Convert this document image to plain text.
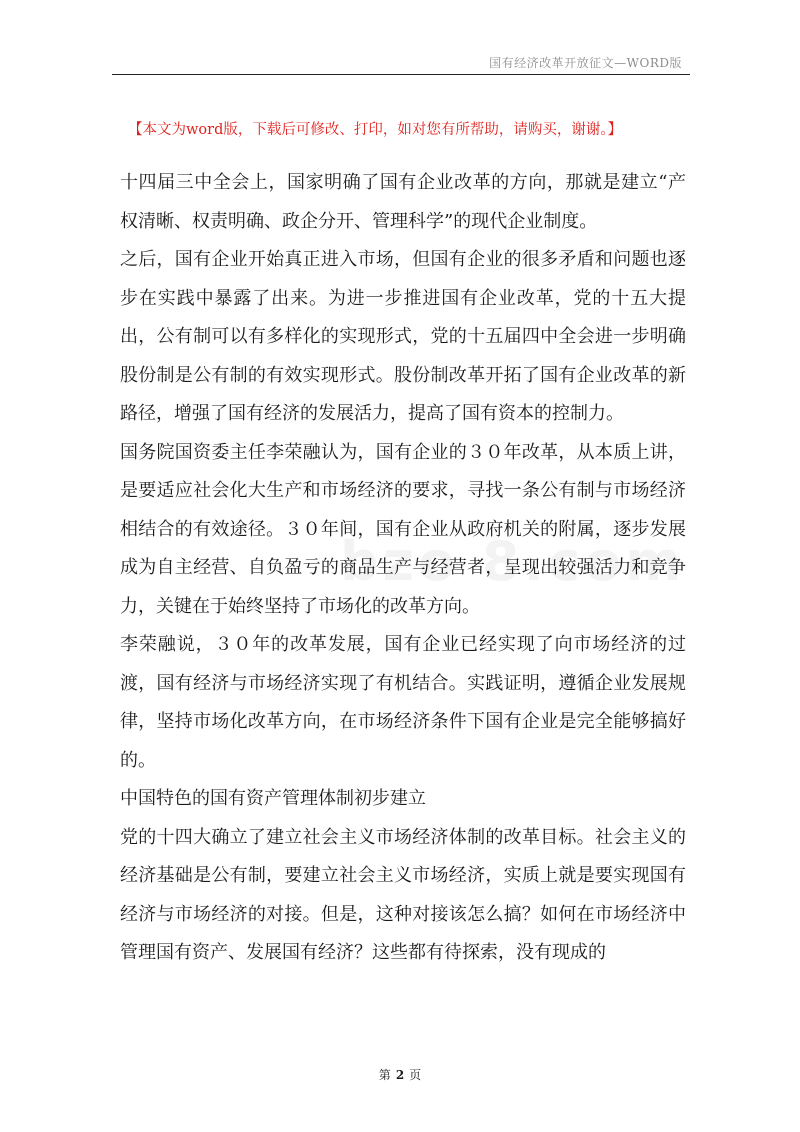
国有经济改革开放征文—WORD版
【本文为word版，下载后可修改、打印，如对您有所帮助，请购买，谢谢。】

十四届三中全会上，国家明确了国有企业改革的方向，那就是建立“产权清晰、权责明确、政企分开、管理科学”的现代企业制度。

之后，国有企业开始真正进入市场，但国有企业的很多矛盾和问题也逐步在实践中暴露了出来。为进一步推进国有企业改革，党的十五大提出，公有制可以有多样化的实现形式，党的十五届四中全会进一步明确股份制是公有制的有效实现形式。股份制改革开拓了国有企业改革的新路径，增强了国有经济的发展活力，提高了国有资本的控制力。

国务院国资委主任李荣融认为，国有企业的３０年改革，从本质上讲，是要适应社会化大生产和市场经济的要求，寻找一条公有制与市场经济相结合的有效途径。３０年间，国有企业从政府机关的附属，逐步发展成为自主经营、自负盈亏的商品生产与经营者，呈现出较强活力和竞争力，关键在于始终坚持了市场化的改革方向。

李荣融说，３０年的改革发展，国有企业已经实现了向市场经济的过渡，国有经济与市场经济实现了有机结合。实践证明，遵循企业发展规律，坚持市场化改革方向，在市场经济条件下国有企业是完全能够搞好的。

中国特色的国有资产管理体制初步建立

党的十四大确立了建立社会主义市场经济体制的改革目标。社会主义的经济基础是公有制，要建立社会主义市场经济，实质上就是要实现国有经济与市场经济的对接。但是，这种对接该怎么搞？如何在市场经济中管理国有资产、发展国有经济？这些都有待探索，没有现成的

第 2 页
